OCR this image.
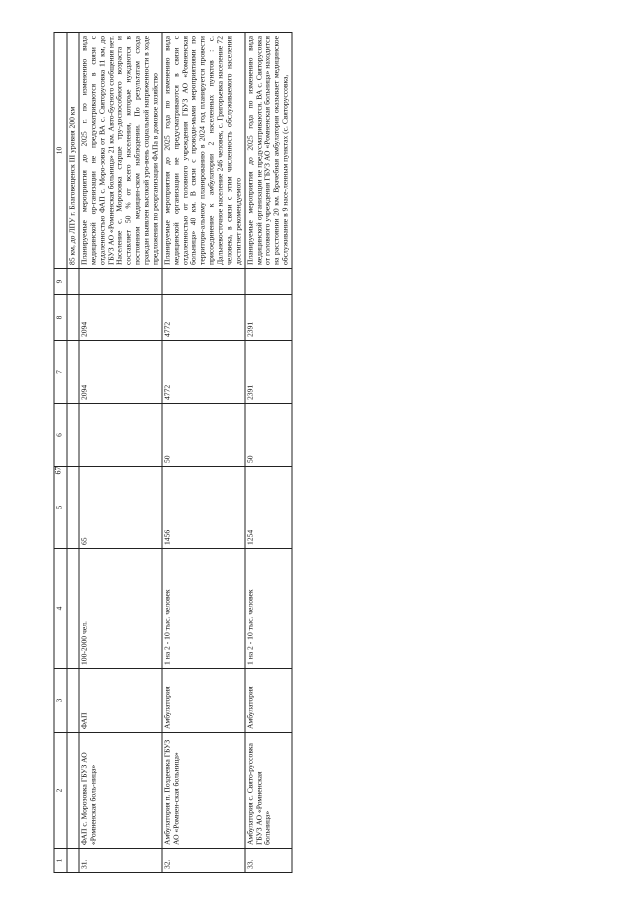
67
1	2	3	4	5	6	7	8	9	10
									85 км, до ЛПУ г. Благовещенск III уровня 200 км
31.	ФАП с. Морозовка ГБУЗ АО «Ромненская боль-ница»	ФАП	100-2000 чел.	65		2094	2094		Планируемые мероприятия до 2025 г. по изменению вида медицинской ор-ганизации не предусматриваются в связи с отдаленностью ФАП с. Моро-зовка от ВА с. Святорусовка 11 км, до ГБУЗ АО «Ромненская больница» 21 км. Авто-бусного сообщения нет. Население с. Морозовка старше тру-доспособного возраста и составляет 50 % от всего населения, которые нуждаются в постоянном медицин-ском наблюдении. По результатам схода граждан выявлен высокий уро-вень социальной напряженности в ходе предложения по реорганизации ФАПа в домовое хозяйство
32.	Амбулатория п. Поздеевка ГБУЗ АО «Ромнен-ская больница»	Амбулатория	1 на 2 - 10 тыс. человек	1456	50	4772	4772		Планируемые мероприятия до 2025 года по изменению вида медицинской организации не предусматриваются в связи с отдаленностью от головного учреждения ГБУЗ АО «Ромненская больница» 40 км. В связи с проводи-мыми мероприятиями по территори-альному планированию в 2024 год планируется провести присоединение к амбулатории 2 населенных пунктов : с. Дальневосточное население 246 человек, с. Григорьевка население 72 человека, в связи с этим численность обслуживаемого населения достигнет рекомендуемого
33.	Амбулатория с. Свято-руссовка ГБУЗ АО «Ромненская больница»	Амбулатория	1 на 2 - 10 тыс. человек	1254	50	2391	2391		Планируемые мероприятия до 2025 года по изменению вида медицинской организации не предусматриваются. ВА с. Святорусовка от головного учреждения ГБУЗ АО «Ромненская больница» находится на расстоянии 20 км. Врачебная амбулатория оказывает медицинское обслуживание в 9 насе-ленным пунктах (с. Святоруссовка,
